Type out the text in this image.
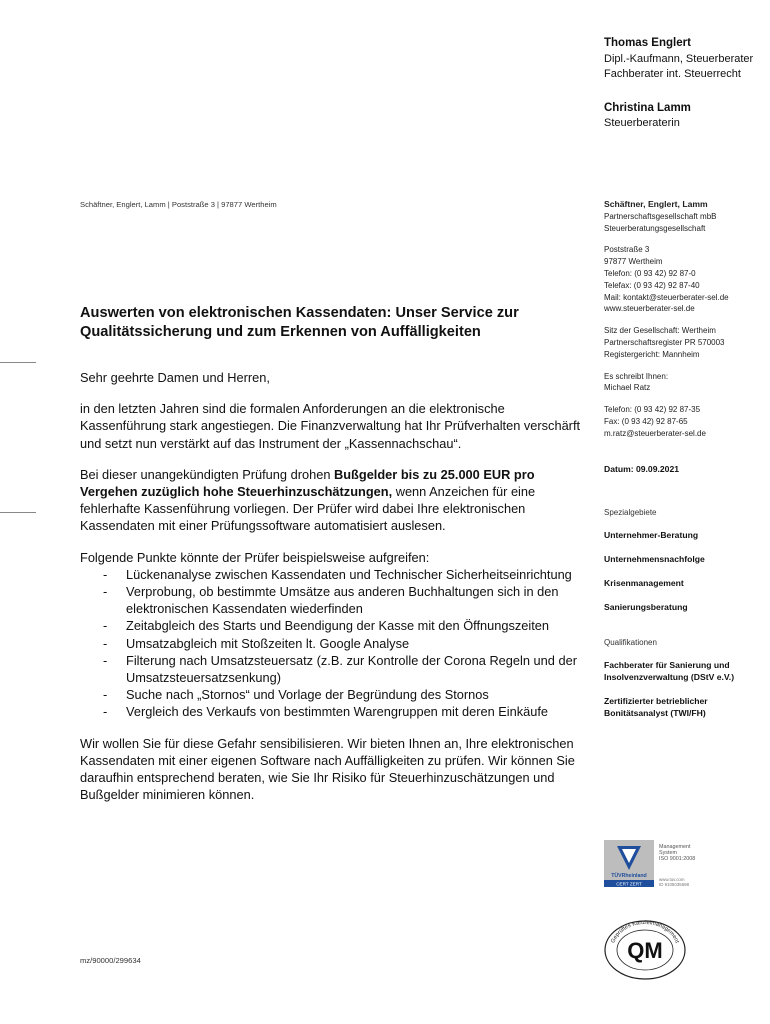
Thomas Englert
Dipl.-Kaufmann, Steuerberater
Fachberater int. Steuerrecht
Christina Lamm
Steuerberaterin
Schäftner, Englert, Lamm | Poststraße 3 | 97877 Wertheim	Schäftner, Englert, Lamm
Partnerschaftsgesellschaft mbB
Steuerberatungsgesellschaft
Poststraße 3
97877 Wertheim
Telefon: (0 93 42) 92 87-0
Telefax: (0 93 42) 92 87-40
Mail: kontakt@steuerberater-sel.de
www.steuerberater-sel.de
Sitz der Gesellschaft: Wertheim
Partnerschaftsregister PR 570003
Registergericht: Mannheim
Es schreibt Ihnen:
Michael Ratz
Telefon: (0 93 42) 92 87-35
Fax: (0 93 42) 92 87-65
m.ratz@steuerberater-sel.de
Datum: 09.09.2021
Spezialgebiete
Unternehmer-Beratung
Unternehmensnachfolge
Krisenmanagement
Sanierungsberatung
Qualifikationen
Fachberater für Sanierung und Insolvenzverwaltung (DStV e.V.)
Zertifizierter betrieblicher Bonitätsanalyst (TWI/FH)
Auswerten von elektronischen Kassendaten: Unser Service zur Qualitätssicherung und zum Erkennen von Auffälligkeiten

Sehr geehrte Damen und Herren,

in den letzten Jahren sind die formalen Anforderungen an die elektronische Kassenführung stark angestiegen. Die Finanzverwaltung hat Ihr Prüfverhalten verschärft und setzt nun verstärkt auf das Instrument der „Kassennachschau“.

Bei dieser unangekündigten Prüfung drohen Bußgelder bis zu 25.000 EUR pro Vergehen zuzüglich hohe Steuerhinzuschätzungen, wenn Anzeichen für eine fehlerhafte Kassenführung vorliegen. Der Prüfer wird dabei Ihre elektronischen Kassendaten mit einer Prüfungssoftware automatisiert auslesen.

Folgende Punkte könnte der Prüfer beispielsweise aufgreifen:

- Lückenanalyse zwischen Kassendaten und Technischer Sicherheitseinrichtung
- Verprobung, ob bestimmte Umsätze aus anderen Buchhaltungen sich in den elektronischen Kassendaten wiederfinden
- Zeitabgleich des Starts und Beendigung der Kasse mit den Öffnungszeiten
- Umsatzabgleich mit Stoßzeiten lt. Google Analyse
- Filterung nach Umsatzsteuersatz (z.B. zur Kontrolle der Corona Regeln und der Umsatzsteuersatzsenkung)
- Suche nach „Stornos“ und Vorlage der Begründung des Stornos
- Vergleich des Verkaufs von bestimmten Warengruppen mit deren Einkäufe

Wir wollen Sie für diese Gefahr sensibilisieren. Wir bieten Ihnen an, Ihre elektronischen Kassendaten mit einer eigenen Software nach Auffälligkeiten zu prüfen. Wir können Sie daraufhin entsprechend beraten, wie Sie Ihr Risiko für Steuerhinzuschätzungen und Bußgelder minimieren können.

mz/90000/299634
TÜVRheinland
CERT ZERT
Management
System
ISO 9001:2008
www.tuv.com
ID 9105035698
Geprüftes Kanzleimanagement
QM
